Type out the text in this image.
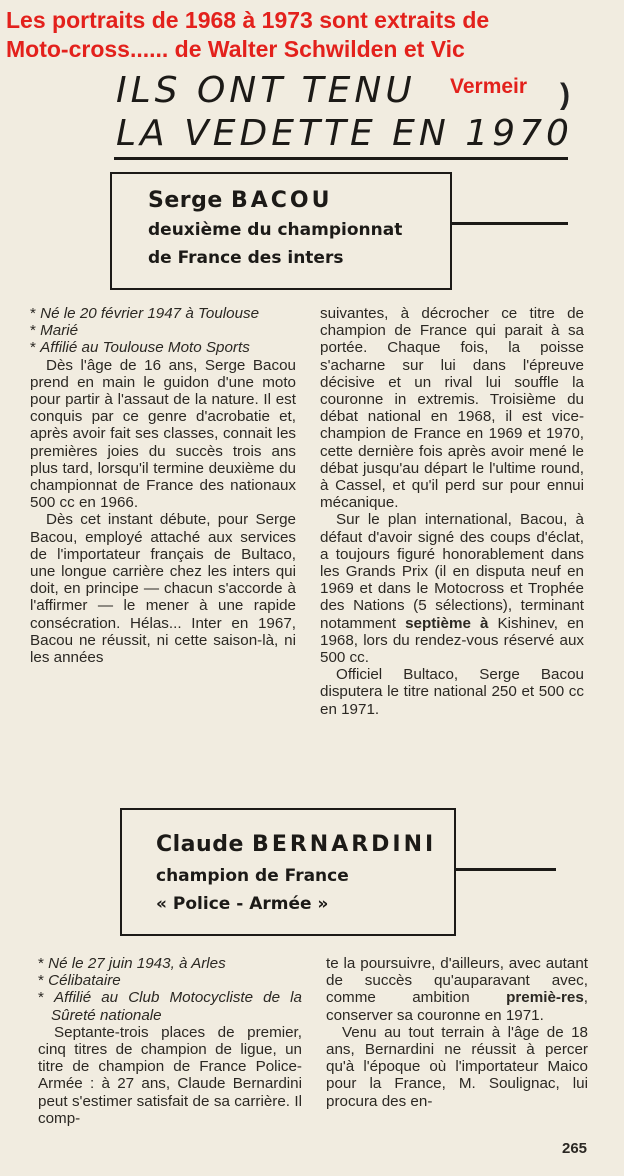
Les portraits de 1968 à 1973 sont extraits de
Moto-cross...... de Walter Schwilden et Vic
Vermeir )
ILS ONT TENU
LA VEDETTE EN 1970
Serge BACOU
deuxième du championnat
de France des inters

* Né le 20 février 1947 à Toulouse

* Marié

* Affilié au Toulouse Moto Sports

Dès l'âge de 16 ans, Serge Bacou prend en main le guidon d'une moto pour partir à l'assaut de la nature. Il est conquis par ce genre d'acrobatie et, après avoir fait ses classes, connait les premières joies du succès trois ans plus tard, lorsqu'il termine deuxième du championnat de France des nationaux 500 cc en 1966.

Dès cet instant débute, pour Serge Bacou, employé attaché aux services de l'importateur français de Bultaco, une longue carrière chez les inters qui doit, en principe — chacun s'accorde à l'affirmer — le mener à une rapide consécration. Hélas... Inter en 1967, Bacou ne réussit, ni cette saison-là, ni les années

suivantes, à décrocher ce titre de champion de France qui parait à sa portée. Chaque fois, la poisse s'acharne sur lui dans l'épreuve décisive et un rival lui souffle la couronne in extremis. Troisième du débat national en 1968, il est vice-champion de France en 1969 et 1970, cette dernière fois après avoir mené le débat jusqu'au départ le l'ultime round, à Cassel, et qu'il perd sur pour ennui mécanique.

Sur le plan international, Bacou, à défaut d'avoir signé des coups d'éclat, a toujours figuré honorablement dans les Grands Prix (il en disputa neuf en 1969 et dans le Motocross et Trophée des Nations (5 sélections), terminant notamment septième à Kishinev, en 1968, lors du rendez-vous réservé aux 500 cc.

Officiel Bultaco, Serge Bacou disputera le titre national 250 et 500 cc en 1971.

Claude BERNARDINI
champion de France
« Police - Armée »

* Né le 27 juin 1943, à Arles

* Célibataire

* Affilié au Club Motocycliste de la Sûreté nationale

Septante-trois places de premier, cinq titres de champion de ligue, un titre de champion de France Police-Armée : à 27 ans, Claude Bernardini peut s'estimer satisfait de sa carrière. Il comp-

te la poursuivre, d'ailleurs, avec autant de succès qu'auparavant avec, comme ambition premiè-res, conserver sa couronne en 1971.

Venu au tout terrain à l'âge de 18 ans, Bernardini ne réussit à percer qu'à l'époque où l'importateur Maico pour la France, M. Soulignac, lui procura des en-

265
